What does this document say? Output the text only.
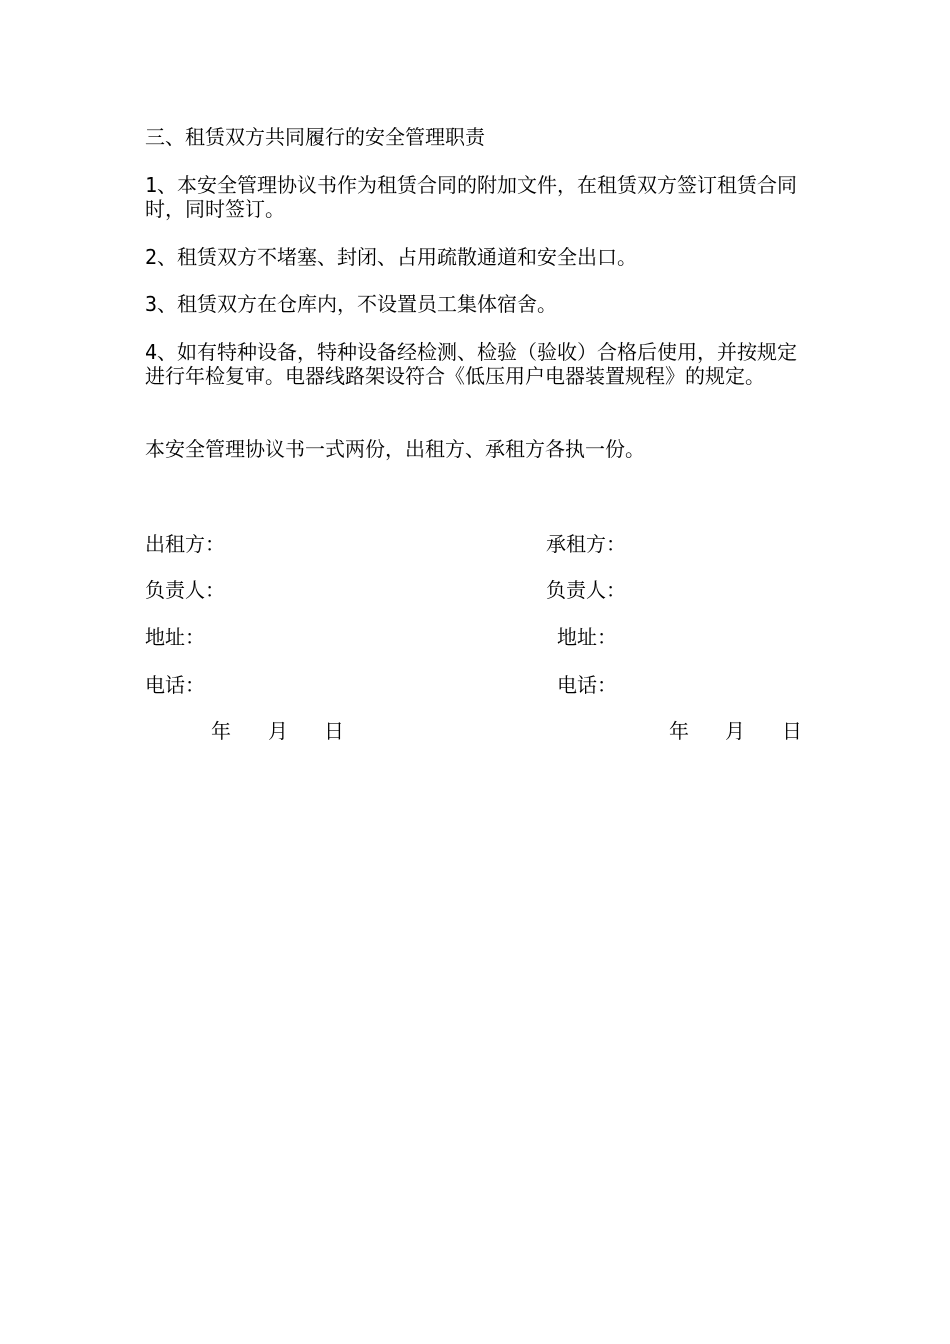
三、租赁双方共同履行的安全管理职责

1、本安全管理协议书作为租赁合同的附加文件，在租赁双方签订租赁合同时，同时签订。

2、租赁双方不堵塞、封闭、占用疏散通道和安全出口。

3、租赁双方在仓库内，不设置员工集体宿舍。

4、如有特种设备，特种设备经检测、检验（验收）合格后使用，并按规定进行年检复审。电器线路架设符合《低压用户电器装置规程》的规定。

本安全管理协议书一式两份，出租方、承租方各执一份。

出租方：

负责人：

地址：

电话：

年 月 日

承租方：

负责人：

地址：

电话：

年 月 日
